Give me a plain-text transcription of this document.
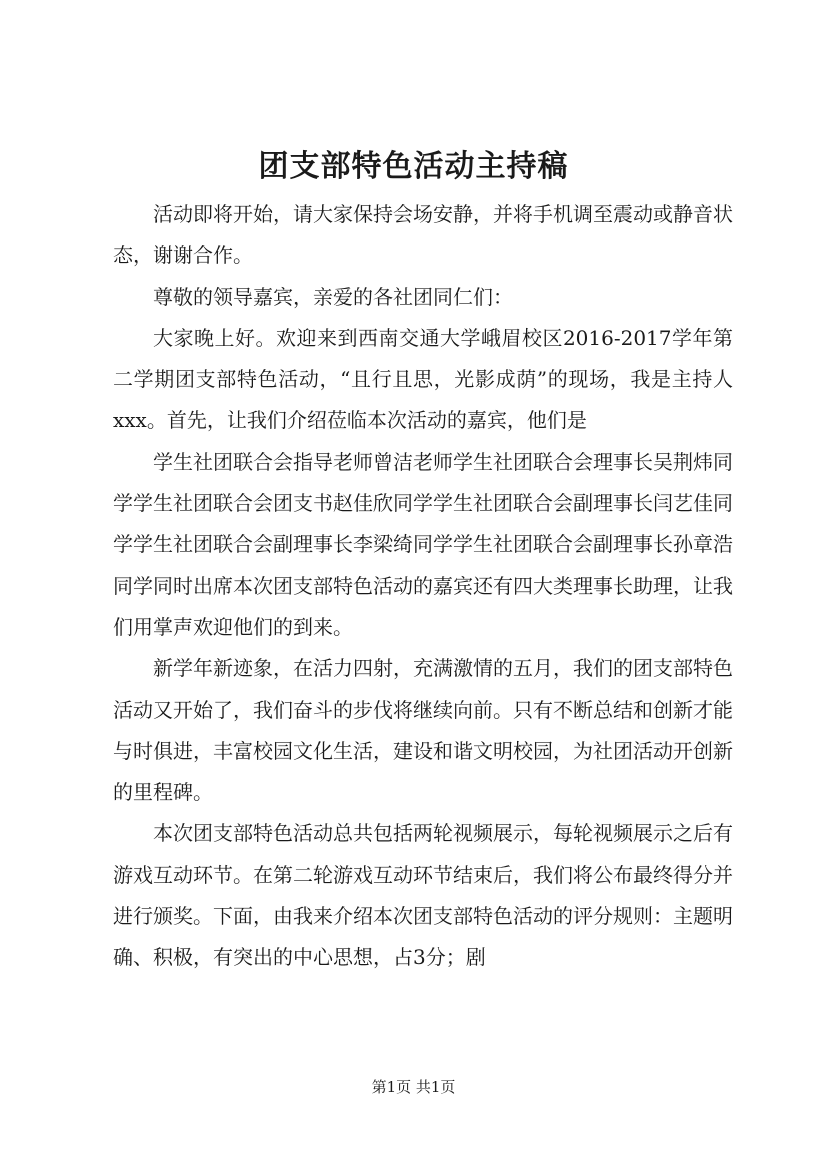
团支部特色活动主持稿

活动即将开始，请大家保持会场安静，并将手机调至震动或静音状态，谢谢合作。

尊敬的领导嘉宾，亲爱的各社团同仁们：

大家晚上好。欢迎来到西南交通大学峨眉校区2016-2017学年第二学期团支部特色活动，“且行且思，光影成荫”的现场，我是主持人xxx。首先，让我们介绍莅临本次活动的嘉宾，他们是

学生社团联合会指导老师曾洁老师学生社团联合会理事长吴荆炜同学学生社团联合会团支书赵佳欣同学学生社团联合会副理事长闫艺佳同学学生社团联合会副理事长李梁绮同学学生社团联合会副理事长孙章浩同学同时出席本次团支部特色活动的嘉宾还有四大类理事长助理，让我们用掌声欢迎他们的到来。

新学年新迹象，在活力四射，充满激情的五月，我们的团支部特色活动又开始了，我们奋斗的步伐将继续向前。只有不断总结和创新才能与时俱进，丰富校园文化生活，建设和谐文明校园，为社团活动开创新的里程碑。

本次团支部特色活动总共包括两轮视频展示，每轮视频展示之后有游戏互动环节。在第二轮游戏互动环节结束后，我们将公布最终得分并进行颁奖。下面，由我来介绍本次团支部特色活动的评分规则：主题明确、积极，有突出的中心思想，占3分；剧

第1页 共1页
